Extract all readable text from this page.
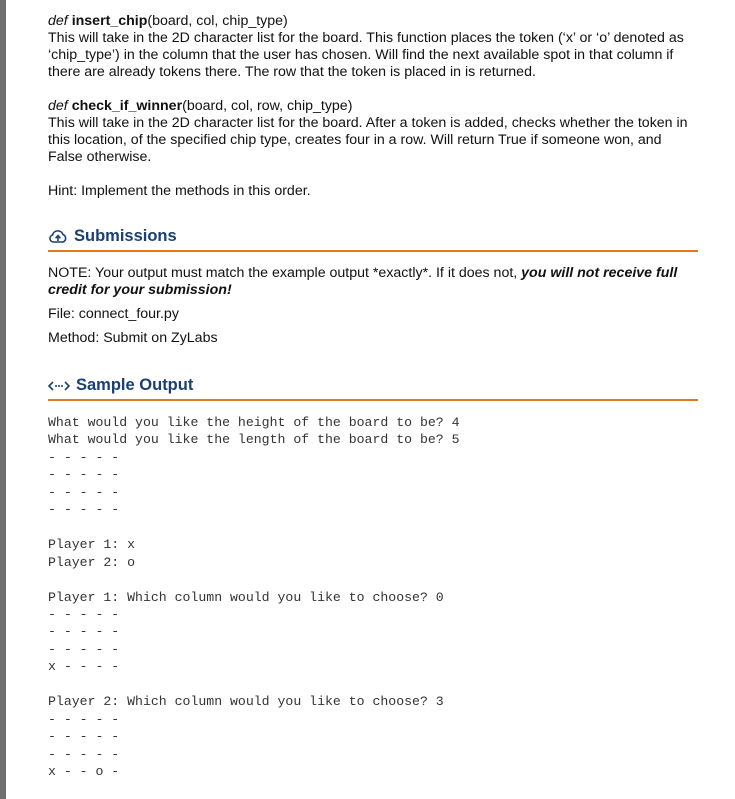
def insert_chip(board, col, chip_type)
This will take in the 2D character list for the board. This function places the token (‘x’ or ‘o’ denoted as ‘chip_type’) in the column that the user has chosen. Will find the next available spot in that column if there are already tokens there. The row that the token is placed in is returned.
def check_if_winner(board, col, row, chip_type)
This will take in the 2D character list for the board. After a token is added, checks whether the token in this location, of the specified chip type, creates four in a row. Will return True if someone won, and False otherwise.
Hint: Implement the methods in this order.
Submissions
NOTE: Your output must match the example output *exactly*. If it does not, you will not receive full credit for your submission!
File: connect_four.py
Method: Submit on ZyLabs
Sample Output
What would you like the height of the board to be? 4
What would you like the length of the board to be? 5
- - - - -
- - - - -
- - - - -
- - - - -

Player 1: x
Player 2: o

Player 1: Which column would you like to choose? 0
- - - - -
- - - - -
- - - - -
x - - - -

Player 2: Which column would you like to choose? 3
- - - - -
- - - - -
- - - - -
x - - o -
